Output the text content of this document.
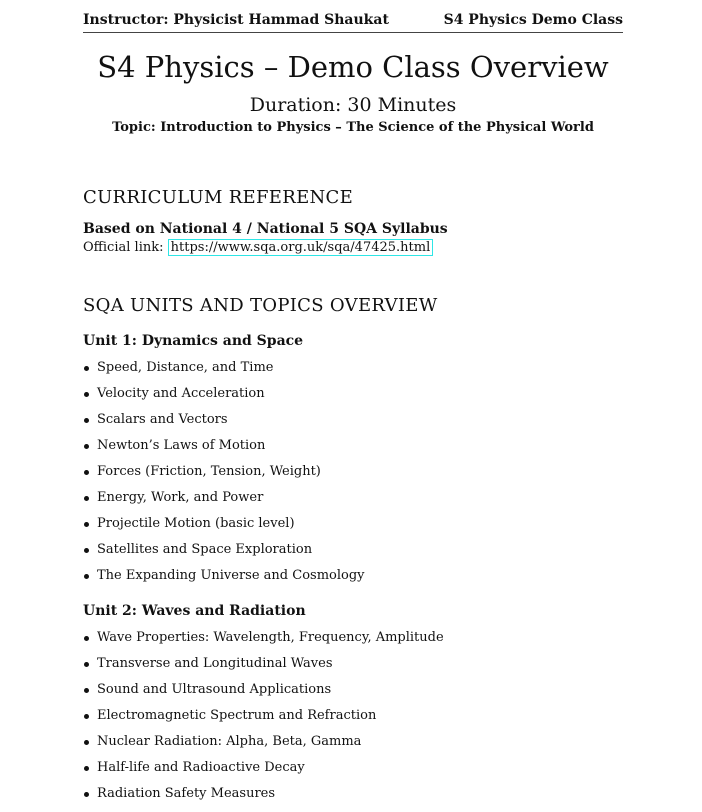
Instructor: Physicist Hammad Shaukat	S4 Physics Demo Class
S4 Physics – Demo Class Overview
Duration: 30 Minutes
Topic: Introduction to Physics – The Science of the Physical World
CURRICULUM REFERENCE
Based on National 4 / National 5 SQA Syllabus
Official link: https://www.sqa.org.uk/sqa/47425.html
SQA UNITS AND TOPICS OVERVIEW
Unit 1: Dynamics and Space
Speed, Distance, and Time
Velocity and Acceleration
Scalars and Vectors
Newton’s Laws of Motion
Forces (Friction, Tension, Weight)
Energy, Work, and Power
Projectile Motion (basic level)
Satellites and Space Exploration
The Expanding Universe and Cosmology
Unit 2: Waves and Radiation
Wave Properties: Wavelength, Frequency, Amplitude
Transverse and Longitudinal Waves
Sound and Ultrasound Applications
Electromagnetic Spectrum and Refraction
Nuclear Radiation: Alpha, Beta, Gamma
Half-life and Radioactive Decay
Radiation Safety Measures
